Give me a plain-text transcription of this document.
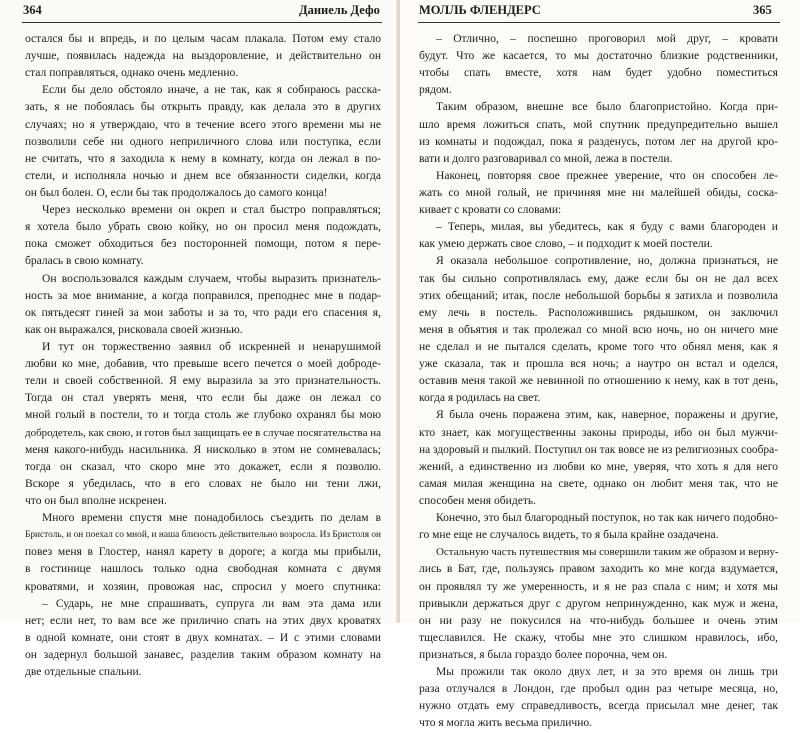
364	Даниель Дефо
остался бы и впредь, и по целым часам плакала. Потом ему стало
лучше, появилась надежда на выздоровление, и действительно он
стал поправляться, однако очень медленно.
Если бы дело обстояло иначе, а не так, как я собираюсь расска-
зать, я не побоялась бы открыть правду, как делала это в других
случаях; но я утверждаю, что в течение всего этого времени мы не
позволили себе ни одного неприличного слова или поступка, если
не считать, что я заходила к нему в комнату, когда он лежал в по-
стели, и исполняла ночью и днем все обязанности сиделки, когда
он был болен. О, если бы так продолжалось до самого конца!
Через несколько времени он окреп и стал быстро поправляться;
я хотела было убрать свою койку, но он просил меня подождать,
пока сможет обходиться без посторонней помощи, потом я пере-
бралась в свою комнату.
Он воспользовался каждым случаем, чтобы выразить признатель-
ность за мое внимание, а когда поправился, преподнес мне в подар-
ок пятьдесят гиней за мои заботы и за то, что ради его спасения я,
как он выражался, рисковала своей жизнью.
И тут он торжественно заявил об искренней и ненарушимой
любви ко мне, добавив, что превыше всего печется о моей доброде-
тели и своей собственной. Я ему выразила за это признательность.
Тогда он стал уверять меня, что если бы даже он лежал со
мной голый в постели, то и тогда столь же глубоко охранял бы мою
добродетель, как свою, и готов был защищать ее в случае посягательства на
меня какого-нибудь насильника. Я нисколько в этом не сомневалась;
тогда он сказал, что скоро мне это докажет, если я позволю.
Вскоре я убедилась, что в его словах не было ни тени лжи,
что он был вполне искренен.
Много времени спустя мне понадобилось съездить по делам в
Бристоль, и он поехал со мной, и наша близость действительно возросла. Из Бристоля он
повез меня в Глостер, нанял карету в дороге; а когда мы прибыли,
в гостинице нашлось только одна свободная комната с двумя
кроватями, и хозяин, провожая нас, спросил у моего спутника:
– Сударь, не мне спрашивать, супруга ли вам эта дама или
нет; если нет, то вам все же прилично спать на этих двух кроватях
в одной комнате, они стоят в двух комнатах. – И с этими словами
он задернул большой занавес, разделив таким образом комнату на
две отдельные спальни.
МОЛЛЬ ФЛЕНДЕРС	365
– Отлично, – поспешно проговорил мой друг, – кровати
будут. Что же касается, то мы достаточно близкие родственники,
чтобы спать вместе, хотя нам будет удобно поместиться
рядом.
Таким образом, внешне все было благопристойно. Когда при-
шло время ложиться спать, мой спутник предупредительно вышел
из комнаты и подождал, пока я разденусь, потом лег на другой кро-
вати и долго разговаривал со мной, лежа в постели.
Наконец, повторяя свое прежнее уверение, что он способен ле-
жать со мной голый, не причиняя мне ни малейшей обиды, соска-
кивает с кровати со словами:
– Теперь, милая, вы убедитесь, как я буду с вами благороден и
как умею держать свое слово, – и подходит к моей постели.
Я оказала небольшое сопротивление, но, должна признаться, не
так бы сильно сопротивлялась ему, даже если бы он не дал всех
этих обещаний; итак, после небольшой борьбы я затихла и позволила
ему лечь в постель. Расположившись рядышком, он заключил
меня в объятия и так пролежал со мной всю ночь, но он ничего мне
не сделал и не пытался сделать, кроме того что обнял меня, как я
уже сказала, так и прошла вся ночь; а наутро он встал и оделся,
оставив меня такой же невинной по отношению к нему, как в тот день,
когда я родилась на свет.
Я была очень поражена этим, как, наверное, поражены и другие,
кто знает, как могущественны законы природы, ибо он был мужчи-
на здоровый и пылкий. Поступил он так вовсе не из религиозных сообра-
жений, а единственно из любви ко мне, уверяя, что хоть я для него
самая милая женщина на свете, однако он любит меня так, что не
способен меня обидеть.
Конечно, это был благородный поступок, но так как ничего подобно-
го мне еще не случалось видеть, то я была крайне озадачена.
Остальную часть путешествия мы совершили таким же образом и верну-
лись в Бат, где, пользуясь правом заходить ко мне когда вздумается,
он проявлял ту же умеренность, и я не раз спала с ним; и хотя мы
привыкли держаться друг с другом непринужденно, как муж и жена,
он ни разу не покусился на что-нибудь большее и очень этим
тщеславился. Не скажу, чтобы мне это слишком нравилось, ибо,
признаться, я была гораздо более порочна, чем он.
Мы прожили так около двух лет, и за это время он лишь три
раза отлучался в Лондон, где пробыл один раз четыре месяца, но,
нужно отдать ему справедливость, всегда присылал мне денег, так
что я могла жить весьма прилично.
